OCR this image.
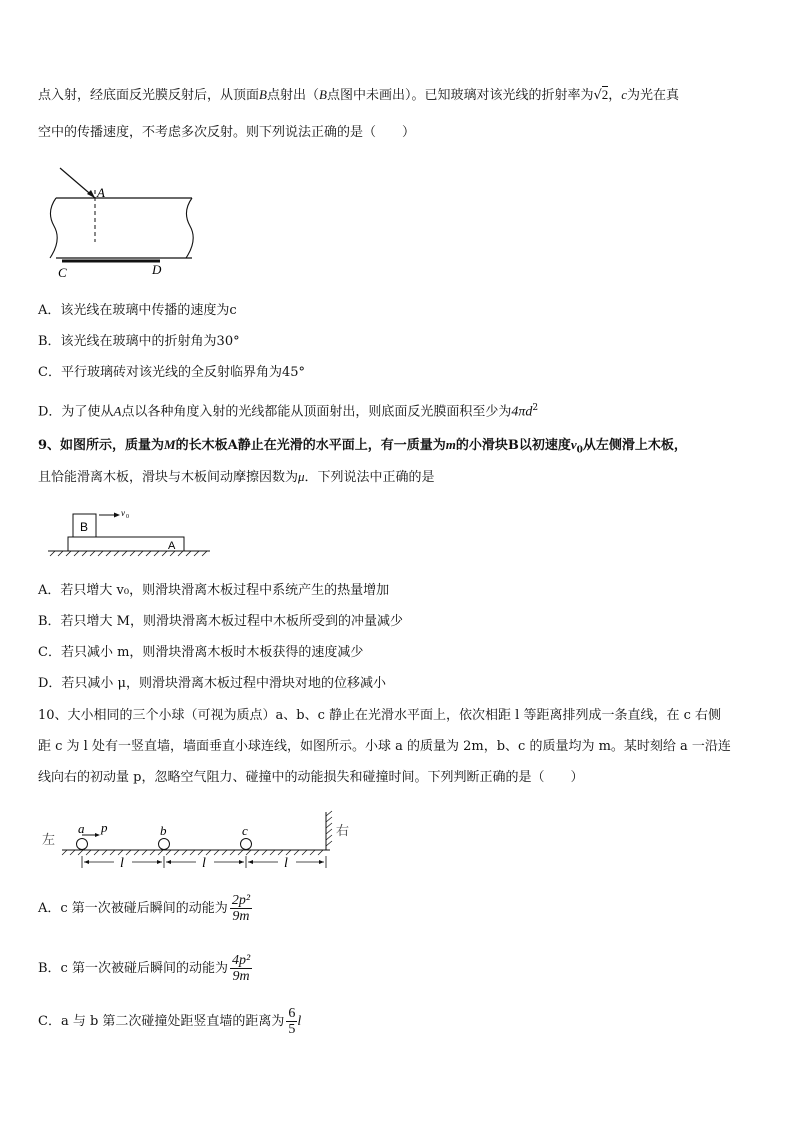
点入射，经底面反光膜反射后，从顶面B点射出（B点图中未画出）。已知玻璃对该光线的折射率为√2，c为光在真
空中的传播速度，不考虑多次反射。则下列说法正确的是（　　）
A
C	D
A．该光线在玻璃中传播的速度为c
B．该光线在玻璃中的折射角为30°
C．平行玻璃砖对该光线的全反射临界角为45°
D．为了使从A点以各种角度入射的光线都能从顶面射出，则底面反光膜面积至少为$4\pi d^2$
9、如图所示，质量为M的长木板A静止在光滑的水平面上，有一质量为m的小滑块B以初速度$v_0$从左侧滑上木板，
且恰能滑离木板，滑块与木板间动摩擦因数为μ．下列说法中正确的是
B
A
v 0
A．若只增大 v₀，则滑块滑离木板过程中系统产生的热量增加
B．若只增大 M，则滑块滑离木板过程中木板所受到的冲量减少
C．若只减小 m，则滑块滑离木板时木板获得的速度减少
D．若只减小 μ，则滑块滑离木板过程中滑块对地的位移减小
10、大小相同的三个小球（可视为质点）a、b、c 静止在光滑水平面上，依次相距 l 等距离排列成一条直线，在 c 右侧
距 c 为 l 处有一竖直墙，墙面垂直小球连线，如图所示。小球 a 的质量为 2m，b、c 的质量均为 m。某时刻给 a 一沿连
线向右的初动量 p，忽略空气阻力、碰撞中的动能损失和碰撞时间。下列判断正确的是（　　）
左
右
a p	b	c
l	l	l
A．c 第一次被碰后瞬间的动能为 $\frac{\text{2p²}}{9m}$
B．c 第一次被碰后瞬间的动能为 $\frac{\text{4p²}}{9m}$
C．a 与 b 第二次碰撞处距竖直墙的距离为 $\frac{6}{5}$ l
